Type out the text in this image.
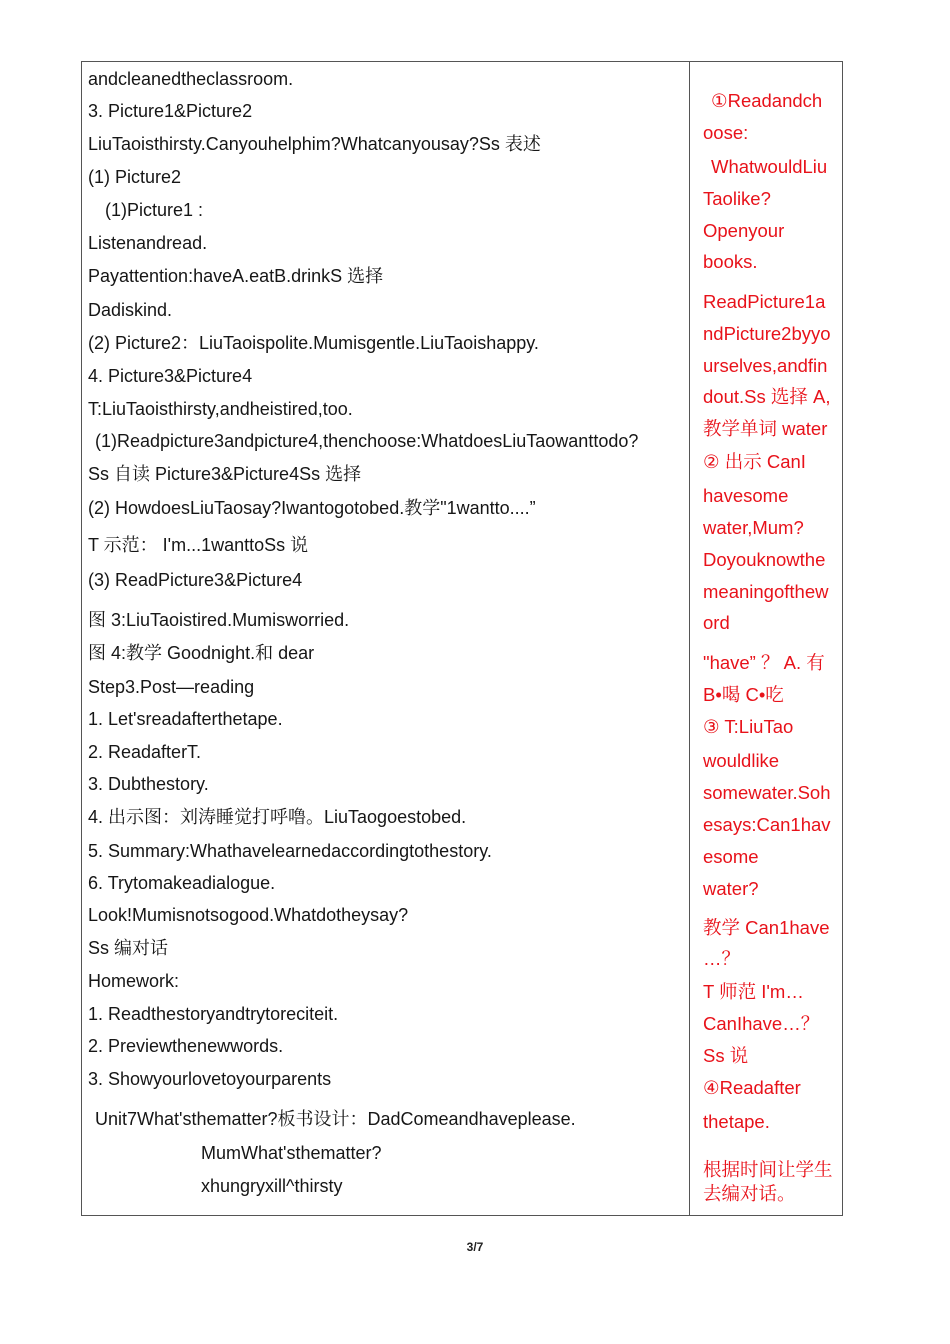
andcleanedtheclassroom.
3. Picture1&Picture2
LiuTaoisthirsty.Canyouhelphim?Whatcanyousay?Ss 表述
(1) Picture2
(1)Picture1 :
Listenandread.
Payattention:haveA.eatB.drinkS 选择
Dadiskind.
(2) Picture2：LiuTaoispolite.Mumisgentle.LiuTaoishappy.
4. Picture3&Picture4
T:LiuTaoisthirsty,andheistired,too.
(1)Readpicture3andpicture4,thenchoose:WhatdoesLiuTaowanttodo?
Ss 自读 Picture3&Picture4Ss 选择
(2) HowdoesLiuTaosay?Iwantogotobed.教学"1wantto....”
T 示范： I'm...1wanttoSs 说
(3) ReadPicture3&Picture4
图 3:LiuTaoistired.Mumisworried.
图 4:教学 Goodnight.和 dear
Step3.Post—reading
1. Let'sreadafterthetape.
2. ReadafterT.
3. Dubthestory.
4. 出示图：刘涛睡觉打呼噜。LiuTaogoestobed.
5. Summary:Whathavelearnedaccordingtothestory.
6. Trytomakeadialogue.
Look!Mumisnotsogood.Whatdotheysay?
Ss 编对话
Homework:
1. Readthestoryandtrytoreciteit.
2. Previewthenewwords.
3. Showyourlovetoyourparents
Unit7What'sthematter?板书设计：DadComeandhaveplease.
MumWhat'sthematter?
xhungryxill^thirsty
①Readandch
oose:
WhatwouldLiu
Taolike?
Openyour
books.
ReadPicture1a
ndPicture2byyo
urselves,andfin
dout.Ss 选择 A,
教学单词 water
② 出示 CanI
havesome
water,Mum?
Doyouknowthe
meaningofthew
ord
"have” ？ A. 有
B•喝 C•吃
③ T:LiuTao
wouldlike
somewater.Soh
esays:Can1hav
esome
water?
教学 Can1have
…？
T 师范 I'm…
CanIhave…？
Ss 说
④Readafter
thetape.
根据时间让学生
去编对话。
3/7
